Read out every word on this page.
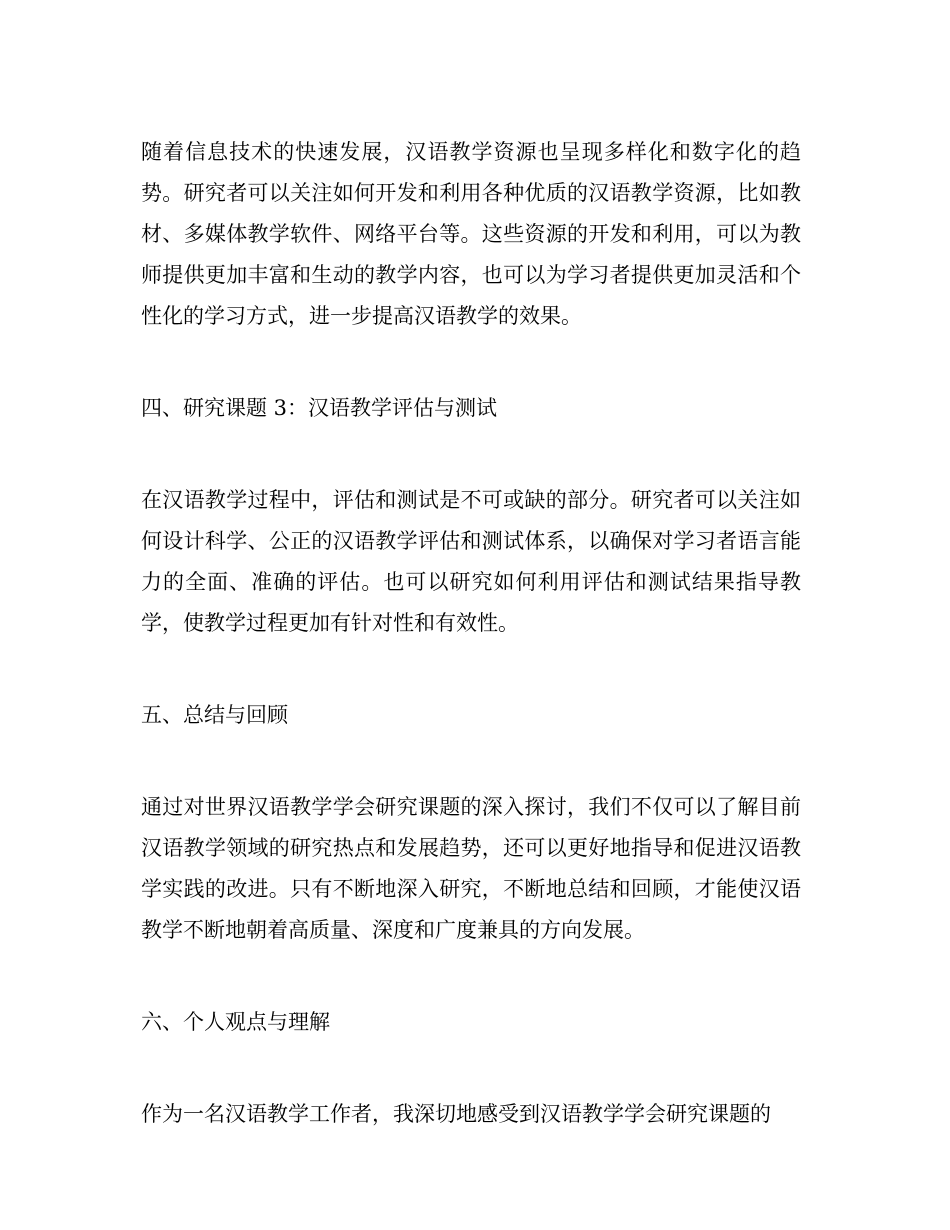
随着信息技术的快速发展，汉语教学资源也呈现多样化和数字化的趋势。研究者可以关注如何开发和利用各种优质的汉语教学资源，比如教材、多媒体教学软件、网络平台等。这些资源的开发和利用，可以为教师提供更加丰富和生动的教学内容，也可以为学习者提供更加灵活和个性化的学习方式，进一步提高汉语教学的效果。

四、研究课题 3：汉语教学评估与测试

在汉语教学过程中，评估和测试是不可或缺的部分。研究者可以关注如何设计科学、公正的汉语教学评估和测试体系，以确保对学习者语言能力的全面、准确的评估。也可以研究如何利用评估和测试结果指导教学，使教学过程更加有针对性和有效性。

五、总结与回顾

通过对世界汉语教学学会研究课题的深入探讨，我们不仅可以了解目前汉语教学领域的研究热点和发展趋势，还可以更好地指导和促进汉语教学实践的改进。只有不断地深入研究，不断地总结和回顾，才能使汉语教学不断地朝着高质量、深度和广度兼具的方向发展。

六、个人观点与理解

作为一名汉语教学工作者，我深切地感受到汉语教学学会研究课题的
